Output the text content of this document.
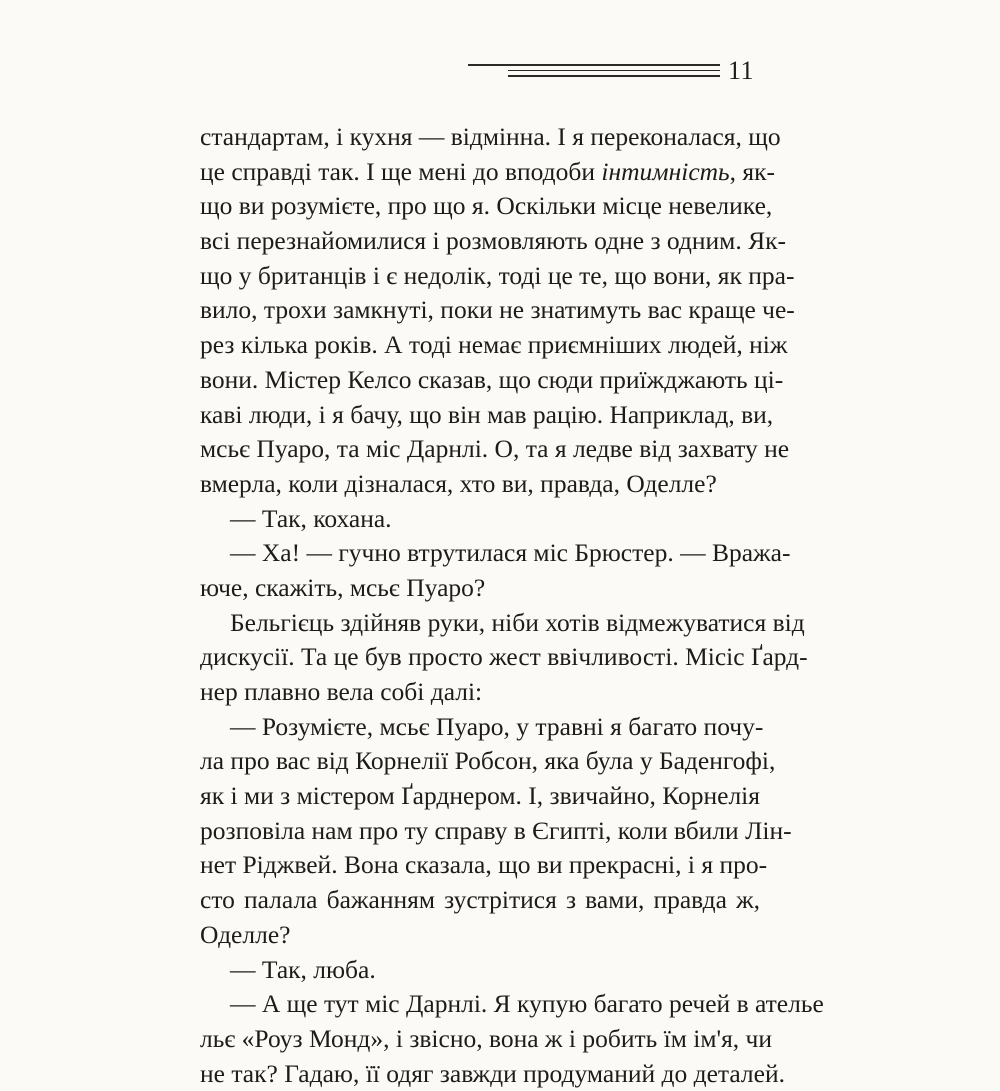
11

стандартам, і кухня — відмінна. І я переконалася, що

це справді так. І ще мені до вподоби інтимність, як-

що ви розумієте, про що я. Оскільки місце невелике,

всі перезнайомилися і розмовляють одне з одним. Як-

що у британців і є недолік, тоді це те, що вони, як пра-

вило, трохи замкнуті, поки не знатимуть вас краще че-

рез кілька років. А тоді немає приємніших людей, ніж

вони. Містер Келсо сказав, що сюди приїжджають ці-

каві люди, і я бачу, що він мав рацію. Наприклад, ви,

мсьє Пуаро, та міс Дарнлі. О, та я ледве від захвату не

вмерла, коли дізналася, хто ви, правда, Оделле?

— Так, кохана.

— Ха! — гучно втрутилася міс Брюстер. — Вража-

юче, скажіть, мсьє Пуаро?

Бельгієць здійняв руки, ніби хотів відмежуватися від

дискусії. Та це був просто жест ввічливості. Місіс Ґард-

нер плавно вела собі далі:

— Розумієте, мсьє Пуаро, у травні я багато почу-

ла про вас від Корнелії Робсон, яка була у Баденгофі,

як і ми з містером Ґарднером. І, звичайно, Корнелія

розповіла нам про ту справу в Єгипті, коли вбили Лін-

нет Ріджвей. Вона сказала, що ви прекрасні, і я про-

сто палала бажанням зустрітися з вами, правда ж,

Оделле?

— Так, люба.

— А ще тут міс Дарнлі. Я купую багато речей в ателье

льє «Роуз Монд», і звісно, вона ж і робить їм ім'я, чи

не так? Гадаю, її одяг завжди продуманий до деталей.
